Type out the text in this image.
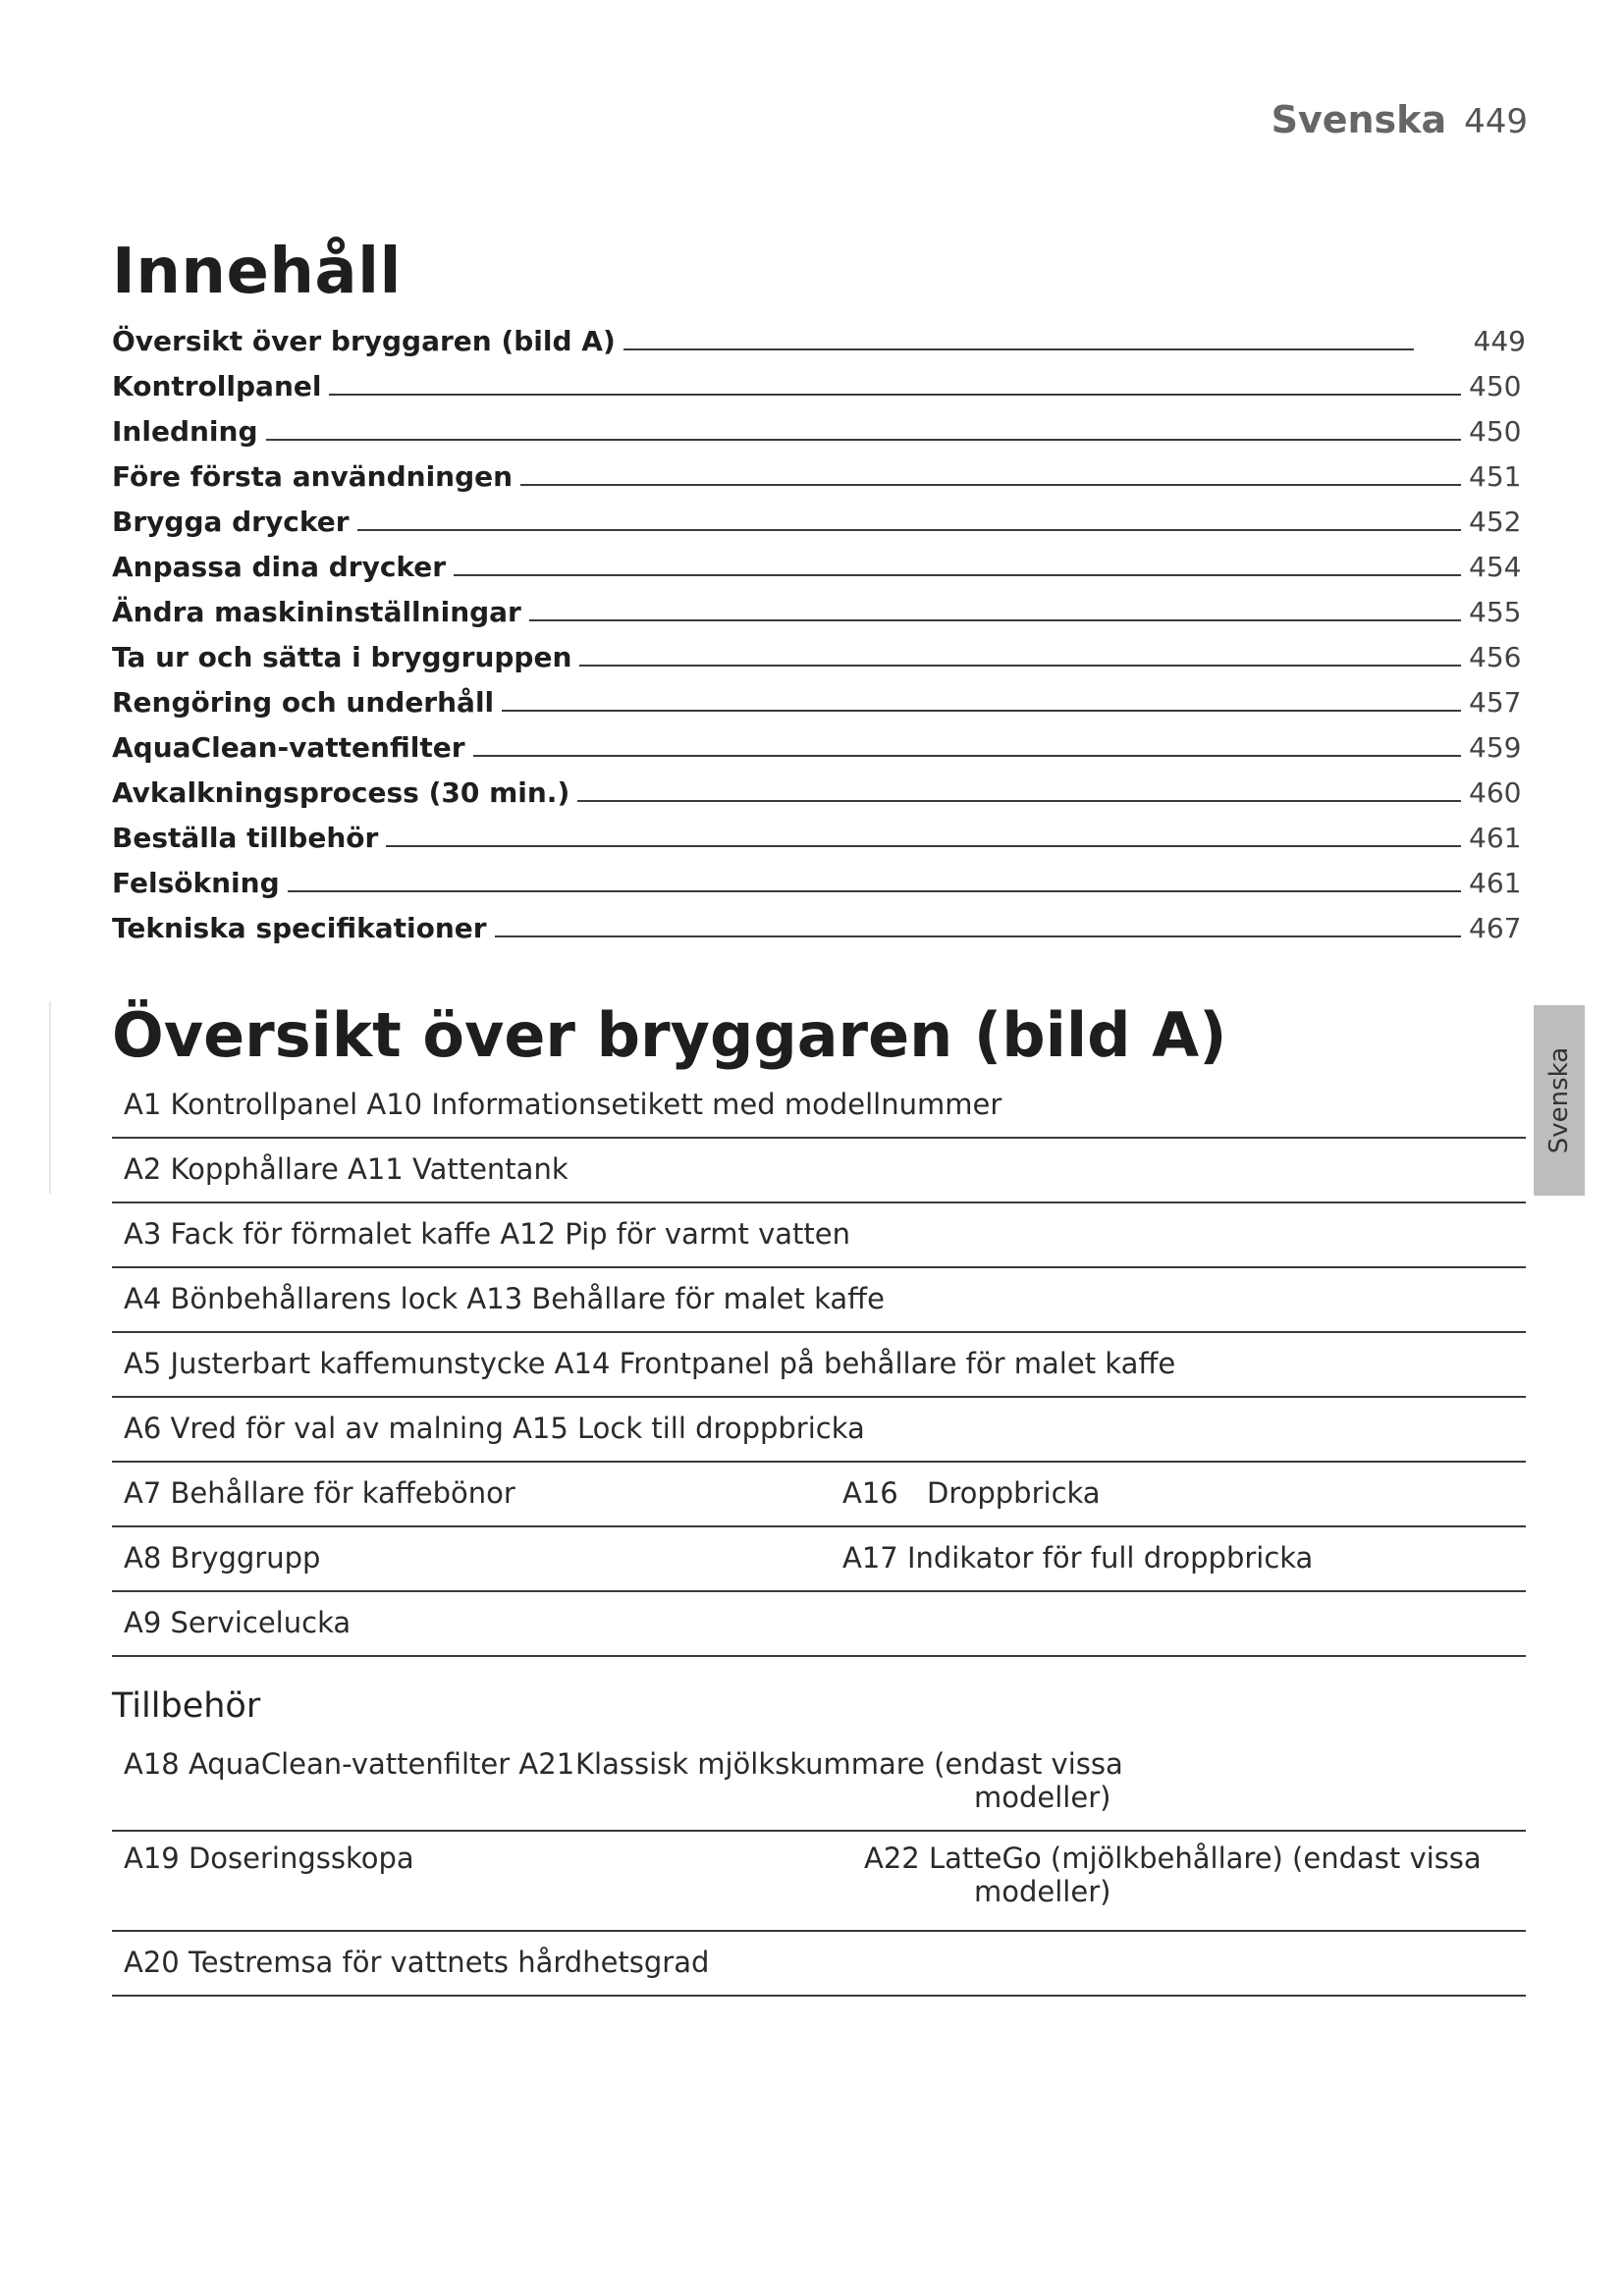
Svenska 449
Innehåll
Översikt över bryggaren (bild A)	449
Kontrollpanel	450
Inledning	450
Före första användningen	451
Brygga drycker	452
Anpassa dina drycker	454
Ändra maskininställningar	455
Ta ur och sätta i bryggruppen	456
Rengöring och underhåll	457
AquaClean-vattenfilter	459
Avkalkningsprocess (30 min.)	460
Beställa tillbehör	461
Felsökning	461
Tekniska specifikationer	467
Svenska
Översikt över bryggaren (bild A)
A1 Kontrollpanel A10 Informationsetikett med modellnummer
A2 Kopphållare A11 Vattentank
A3 Fack för förmalet kaffe A12 Pip för varmt vatten
A4 Bönbehållarens lock A13 Behållare för malet kaffe
A5 Justerbart kaffemunstycke A14 Frontpanel på behållare för malet kaffe
A6 Vred för val av malning A15 Lock till droppbricka
A7 Behållare för kaffebönor	A16 Droppbricka
A8 Bryggrupp	A17 Indikator för full droppbricka
A9 Servicelucka
Tillbehör
A18 AquaClean-vattenfilter A21 Klassisk mjölkskummare (endast vissa
modeller)
A19 Doseringsskopa	A22 LatteGo (mjölkbehållare) (endast vissa
modeller)
A20 Testremsa för vattnets hårdhetsgrad
